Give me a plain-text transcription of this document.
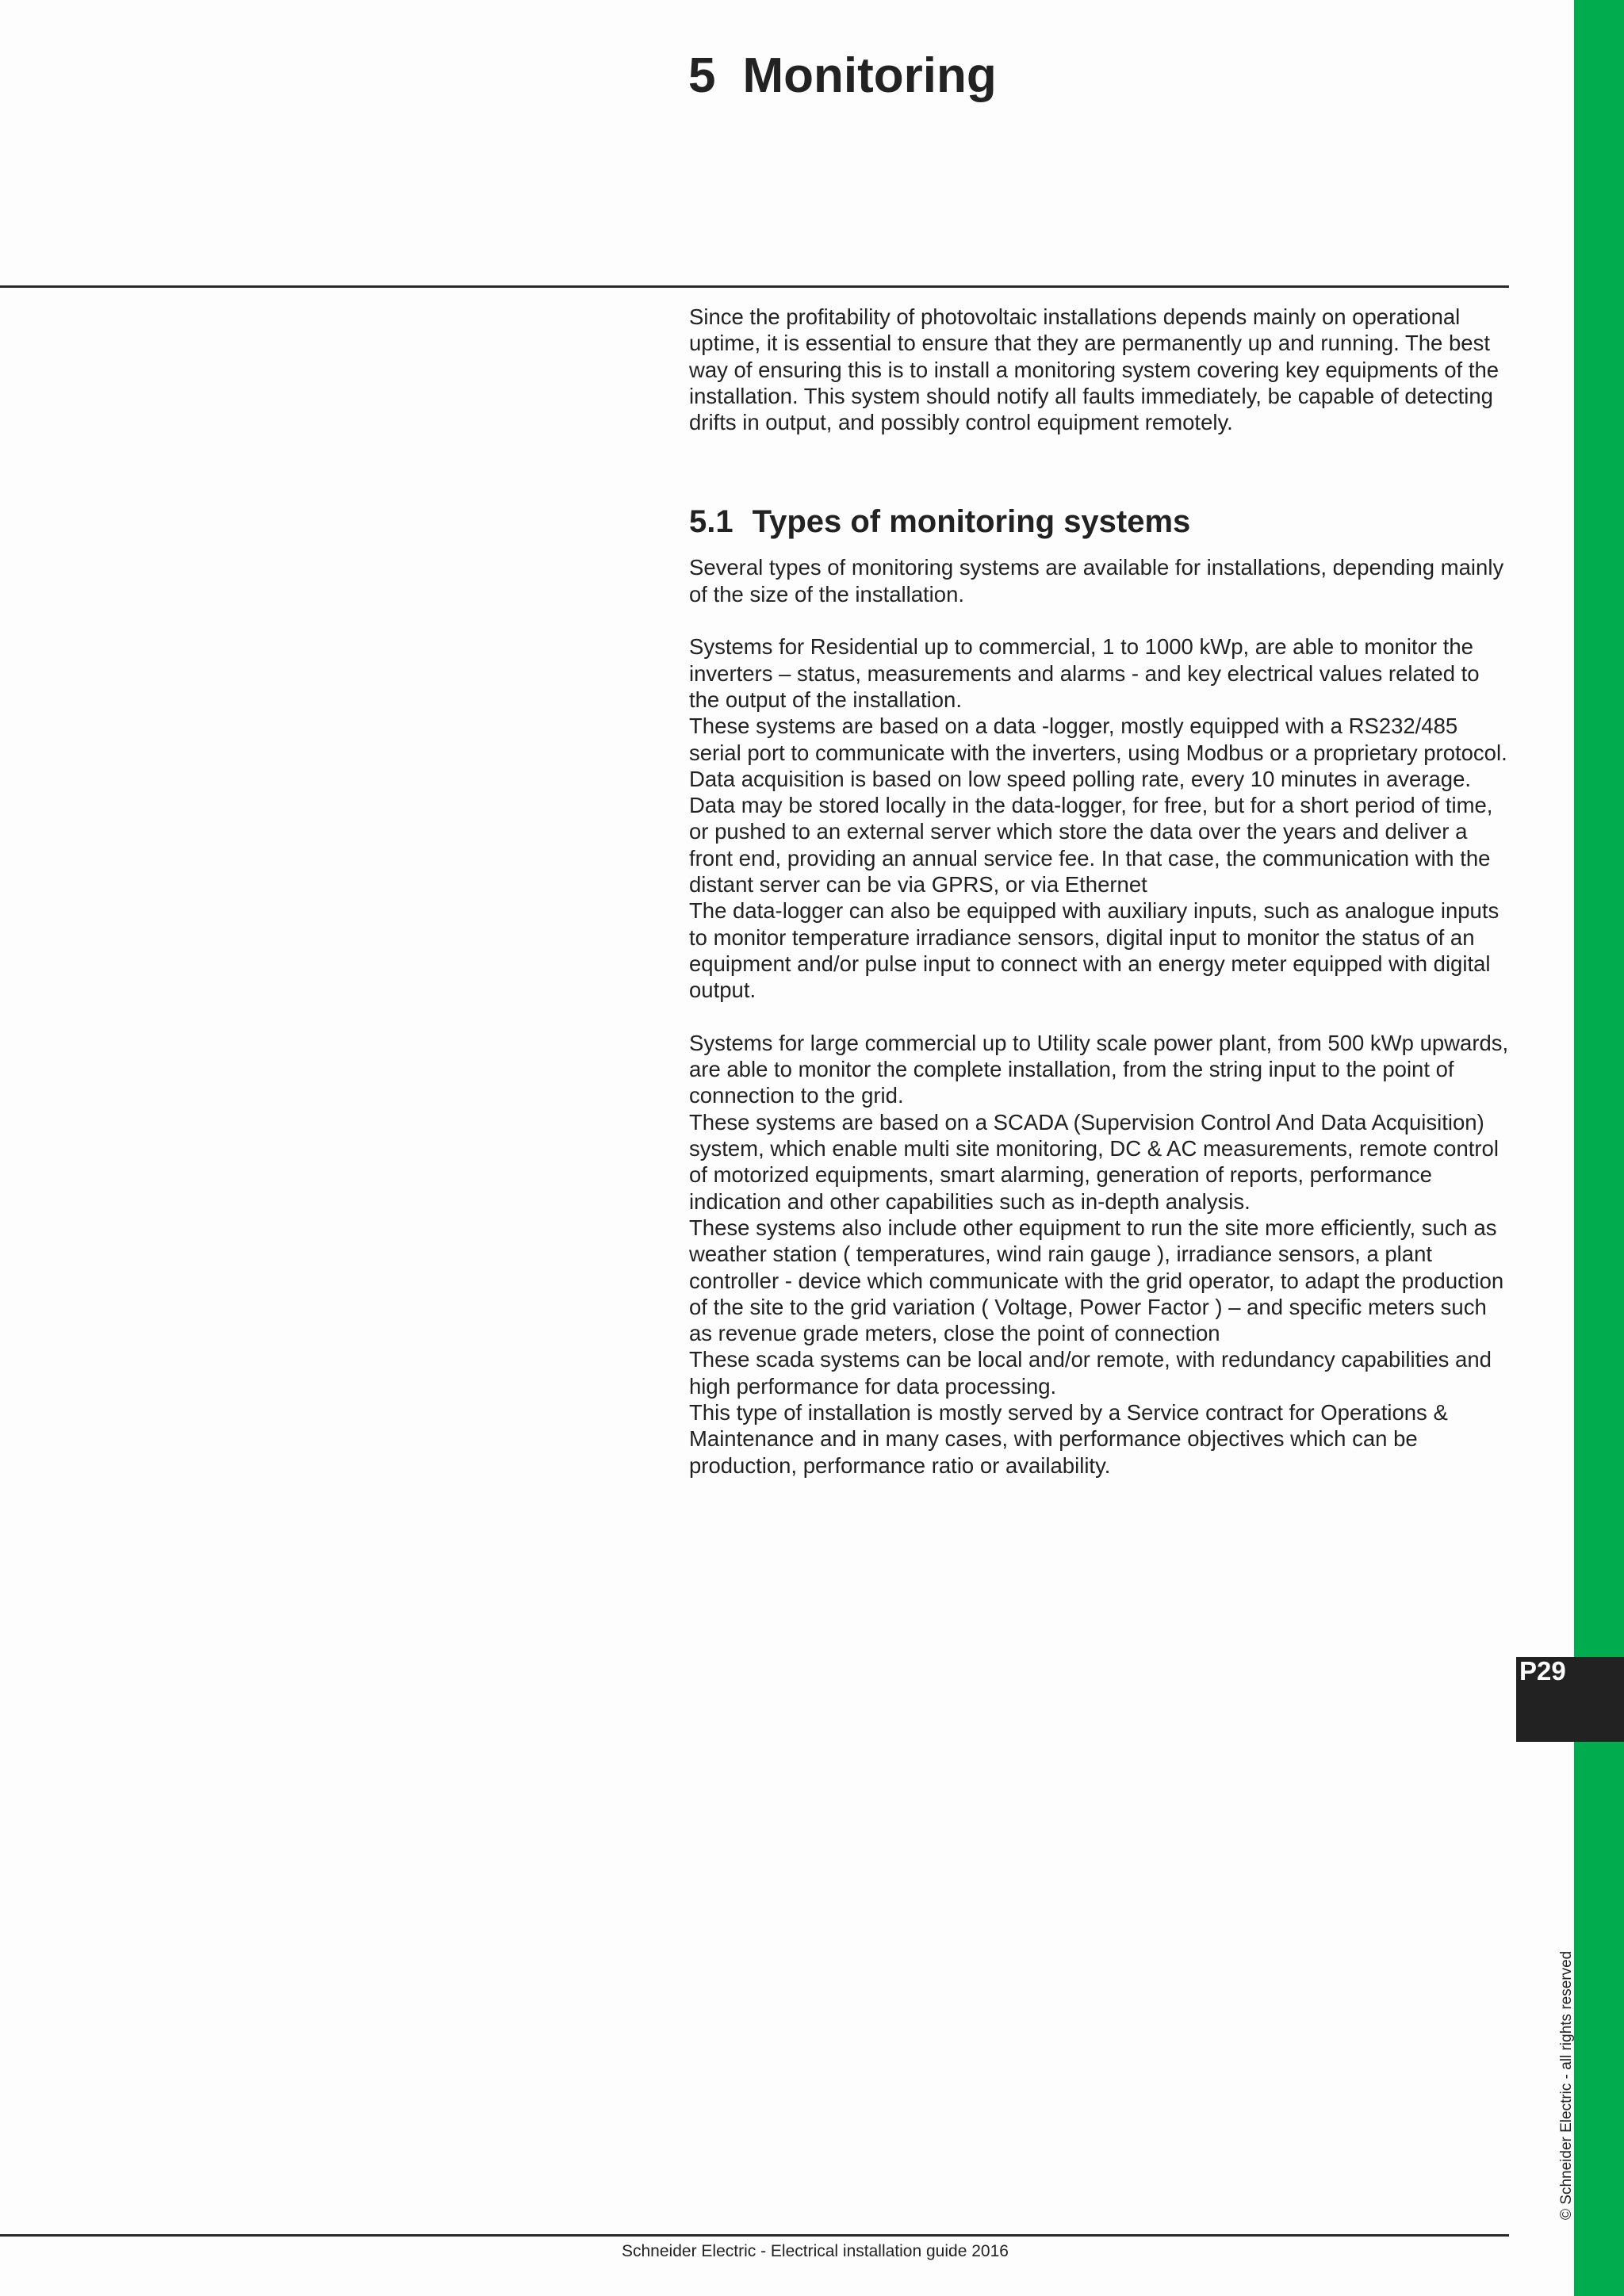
P29
© Schneider Electric - all rights reserved
5 Monitoring

Since the profitability of photovoltaic installations depends mainly on operational uptime, it is essential to ensure that they are permanently up and running. The best way of ensuring this is to install a monitoring system covering key equipments of the installation. This system should notify all faults immediately, be capable of detecting drifts in output, and possibly control equipment remotely.

5.1 Types of monitoring systems

Several types of monitoring systems are available for installations, depending mainly of the size of the installation.

Systems for Residential up to commercial, 1 to 1000 kWp, are able to monitor the inverters – status, measurements and alarms - and key electrical values related to the output of the installation.

These systems are based on a data -logger, mostly equipped with a RS232/485 serial port to communicate with the inverters, using Modbus or a proprietary protocol.

Data acquisition is based on low speed polling rate, every 10 minutes in average.

Data may be stored locally in the data-logger, for free, but for a short period of time, or pushed to an external server which store the data over the years and deliver a front end, providing an annual service fee. In that case, the communication with the distant server can be via GPRS, or via Ethernet

The data-logger can also be equipped with auxiliary inputs, such as analogue inputs to monitor temperature irradiance sensors, digital input to monitor the status of an equipment and/or pulse input to connect with an energy meter equipped with digital output.

Systems for large commercial up to Utility scale power plant, from 500 kWp upwards, are able to monitor the complete installation, from the string input to the point of connection to the grid.

These systems are based on a SCADA (Supervision Control And Data Acquisition) system, which enable multi site monitoring, DC & AC measurements, remote control of motorized equipments, smart alarming, generation of reports, performance indication and other capabilities such as in-depth analysis.

These systems also include other equipment to run the site more efficiently, such as weather station ( temperatures, wind rain gauge ), irradiance sensors, a plant controller - device which communicate with the grid operator, to adapt the production of the site to the grid variation ( Voltage, Power Factor ) – and specific meters such as revenue grade meters, close the point of connection

These scada systems can be local and/or remote, with redundancy capabilities and high performance for data processing.

This type of installation is mostly served by a Service contract for Operations & Maintenance and in many cases, with performance objectives which can be production, performance ratio or availability.

Schneider Electric - Electrical installation guide 2016
